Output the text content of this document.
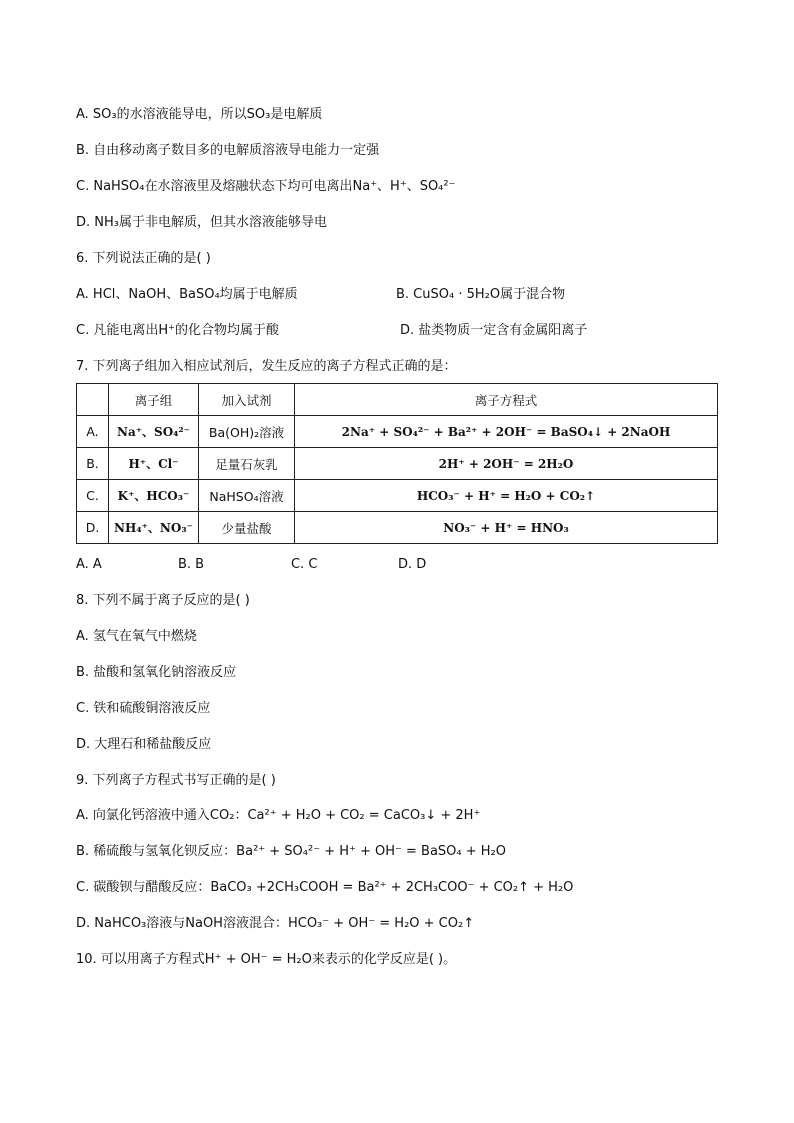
A. SO₃的水溶液能导电，所以SO₃是电解质
B. 自由移动离子数目多的电解质溶液导电能力一定强
C. NaHSO₄在水溶液里及熔融状态下均可电离出Na⁺、H⁺、SO₄²⁻
D. NH₃属于非电解质，但其水溶液能够导电
6. 下列说法正确的是( )
A. HCl、NaOH、BaSO₄均属于电解质	B. CuSO₄ · 5H₂O属于混合物
C. 凡能电离出H⁺的化合物均属于酸	D. 盐类物质一定含有金属阳离子
7. 下列离子组加入相应试剂后，发生反应的离子方程式正确的是：
	离子组	加入试剂	离子方程式
A.	Na⁺、SO₄²⁻	Ba(OH)₂溶液	2Na⁺ + SO₄²⁻ + Ba²⁺ + 2OH⁻ = BaSO₄↓ + 2NaOH
B.	H⁺、Cl⁻	足量石灰乳	2H⁺ + 2OH⁻ = 2H₂O
C.	K⁺、HCO₃⁻	NaHSO₄溶液	HCO₃⁻ + H⁺ = H₂O + CO₂↑
D.	NH₄⁺、NO₃⁻	少量盐酸	NO₃⁻ + H⁺ = HNO₃
A. A	B. B	C. C	D. D
8. 下列不属于离子反应的是( )
A. 氢气在氧气中燃烧
B. 盐酸和氢氧化钠溶液反应
C. 铁和硫酸铜溶液反应
D. 大理石和稀盐酸反应
9. 下列离子方程式书写正确的是( )
A. 向氯化钙溶液中通入CO₂：Ca²⁺ + H₂O + CO₂ = CaCO₃↓ + 2H⁺
B. 稀硫酸与氢氧化钡反应：Ba²⁺ + SO₄²⁻ + H⁺ + OH⁻ = BaSO₄ + H₂O
C. 碳酸钡与醋酸反应：BaCO₃ +2CH₃COOH = Ba²⁺ + 2CH₃COO⁻ + CO₂↑ + H₂O
D. NaHCO₃溶液与NaOH溶液混合：HCO₃⁻ + OH⁻ = H₂O + CO₂↑
10. 可以用离子方程式H⁺ + OH⁻ = H₂O来表示的化学反应是( )。
